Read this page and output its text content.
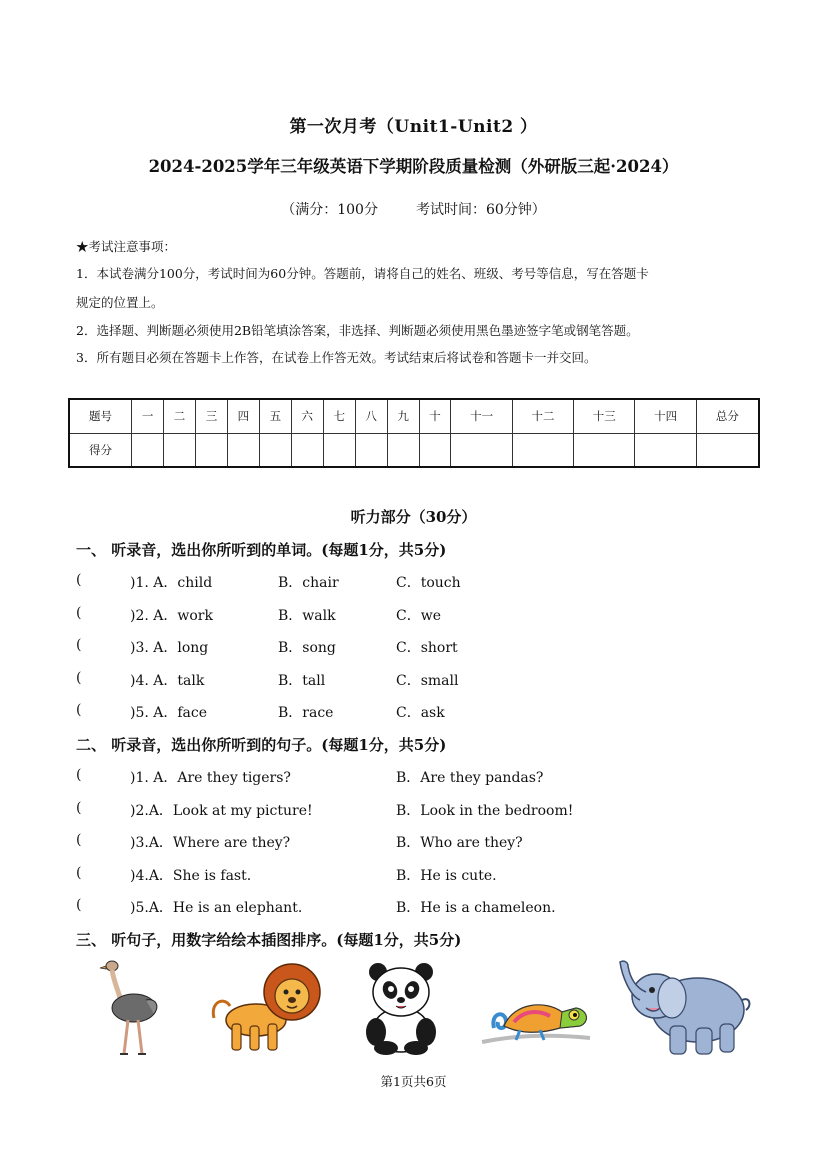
第一次月考（Unit1-Unit2 ）
2024-2025学年三年级英语下学期阶段质量检测（外研版三起·2024）
（满分：100分	考试时间：60分钟）
★考试注意事项：
1．本试卷满分100分，考试时间为60分钟。答题前，请将自己的姓名、班级、考号等信息，写在答题卡
规定的位置上。
2．选择题、判断题必须使用2B铅笔填涂答案，非选择、判断题必须使用黑色墨迹签字笔或钢笔答题。
3．所有题目必须在答题卡上作答，在试卷上作答无效。考试结束后将试卷和答题卡一并交回。
题号	一	二	三	四	五	六	七	八	九	十	十一	十二	十三	十四	总分
得分															
听力部分（30分）
一、 听录音，选出你所听到的单词。(每题1分，共5分)
(	)1. A．child	B．chair	C．touch
(	)2. A．work	B．walk	C．we
(	)3. A．long	B．song	C．short
(	)4. A．talk	B．tall	C．small
(	)5. A．face	B．race	C．ask
二、 听录音，选出你所听到的句子。(每题1分，共5分)
(	)1. A．Are they tigers?	B．Are they pandas?
(	)2.A．Look at my picture!	B．Look in the bedroom!
(	)3.A．Where are they?	B．Who are they?
(	)4.A．She is fast.	B．He is cute.
(	)5.A．He is an elephant.	B．He is a chameleon.
三、 听句子，用数字给绘本插图排序。(每题1分，共5分)
第1页共6页
